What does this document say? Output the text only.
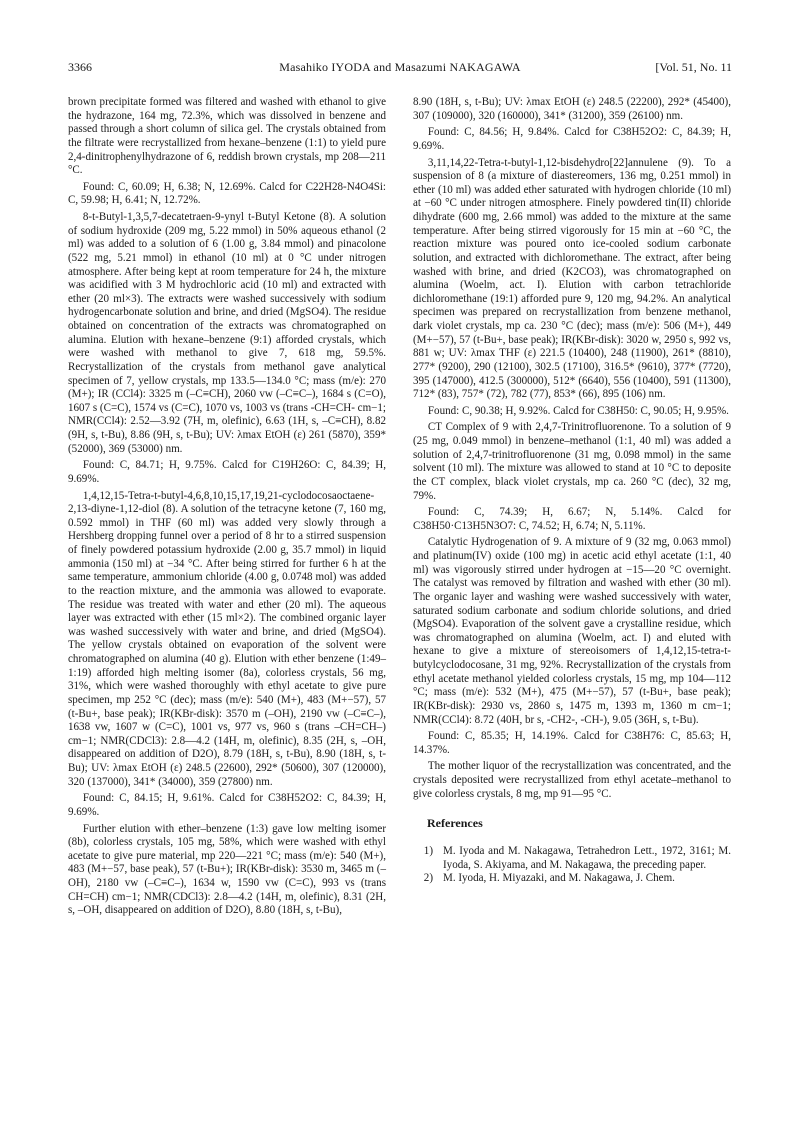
3366	Masahiko IYODA and Masazumi NAKAGAWA	[Vol. 51, No. 11

brown precipitate formed was filtered and washed with ethanol to give the hydrazone, 164 mg, 72.3%, which was dissolved in benzene and passed through a short column of silica gel. The crystals obtained from the filtrate were recrystallized from hexane–benzene (1:1) to yield pure 2,4-dinitrophenylhydrazone of 6, reddish brown crystals, mp 208—211 °C.

Found: C, 60.09; H, 6.38; N, 12.69%. Calcd for C22H28-N4O4Si: C, 59.98; H, 6.41; N, 12.72%.

8-t-Butyl-1,3,5,7-decatetraen-9-ynyl t-Butyl Ketone (8). A solution of sodium hydroxide (209 mg, 5.22 mmol) in 50% aqueous ethanol (2 ml) was added to a solution of 6 (1.00 g, 3.84 mmol) and pinacolone (522 mg, 5.21 mmol) in ethanol (10 ml) at 0 °C under nitrogen atmosphere. After being kept at room temperature for 24 h, the mixture was acidified with 3 M hydrochloric acid (10 ml) and extracted with ether (20 ml×3). The extracts were washed successively with sodium hydrogencarbonate solution and brine, and dried (MgSO4). The residue obtained on concentration of the extracts was chromatographed on alumina. Elution with hexane–benzene (9:1) afforded crystals, which were washed with methanol to give 7, 618 mg, 59.5%. Recrystallization of the crystals from methanol gave analytical specimen of 7, yellow crystals, mp 133.5—134.0 °C; mass (m/e): 270 (M+); IR (CCl4): 3325 m (–C≡CH), 2060 vw (–C≡C–), 1684 s (C=O), 1607 s (C=C), 1574 vs (C=C), 1070 vs, 1003 vs (trans -CH=CH- cm−1; NMR(CCl4): 2.52—3.92 (7H, m, olefinic), 6.63 (1H, s, –C≡CH), 8.82 (9H, s, t-Bu), 8.86 (9H, s, t-Bu); UV: λmax EtOH (ε) 261 (5870), 359* (52000), 369 (53000) nm.

Found: C, 84.71; H, 9.75%. Calcd for C19H26O: C, 84.39; H, 9.69%.

1,4,12,15-Tetra-t-butyl-4,6,8,10,15,17,19,21-cyclodocosaoctaene-2,13-diyne-1,12-diol (8). A solution of the tetracyne ketone (7, 160 mg, 0.592 mmol) in THF (60 ml) was added very slowly through a Hershberg dropping funnel over a period of 8 hr to a stirred suspension of finely powdered potassium hydroxide (2.00 g, 35.7 mmol) in liquid ammonia (150 ml) at −34 °C. After being stirred for further 6 h at the same temperature, ammonium chloride (4.00 g, 0.0748 mol) was added to the reaction mixture, and the ammonia was allowed to evaporate. The residue was treated with water and ether (20 ml). The aqueous layer was extracted with ether (15 ml×2). The combined organic layer was washed successively with water and brine, and dried (MgSO4). The yellow crystals obtained on evaporation of the solvent were chromatographed on alumina (40 g). Elution with ether benzene (1:49–1:19) afforded high melting isomer (8a), colorless crystals, 56 mg, 31%, which were washed thoroughly with ethyl acetate to give pure specimen, mp 252 °C (dec); mass (m/e): 540 (M+), 483 (M+−57), 57 (t-Bu+, base peak); IR(KBr-disk): 3570 m (–OH), 2190 vw (–C≡C–), 1638 vw, 1607 w (C=C), 1001 vs, 977 vs, 960 s (trans –CH=CH–) cm−1; NMR(CDCl3): 2.8—4.2 (14H, m, olefinic), 8.35 (2H, s, –OH, disappeared on addition of D2O), 8.79 (18H, s, t-Bu), 8.90 (18H, s, t-Bu); UV: λmax EtOH (ε) 248.5 (22600), 292* (50600), 307 (120000), 320 (137000), 341* (34000), 359 (27800) nm.

Found: C, 84.15; H, 9.61%. Calcd for C38H52O2: C, 84.39; H, 9.69%.

Further elution with ether–benzene (1:3) gave low melting isomer (8b), colorless crystals, 105 mg, 58%, which were washed with ethyl acetate to give pure material, mp 220—221 °C; mass (m/e): 540 (M+), 483 (M+−57, base peak), 57 (t-Bu+); IR(KBr-disk): 3530 m, 3465 m (–OH), 2180 vw (–C≡C–), 1634 w, 1590 vw (C=C), 993 vs (trans CH=CH) cm−1; NMR(CDCl3): 2.8—4.2 (14H, m, olefinic), 8.31 (2H, s, –OH, disappeared on addition of D2O), 8.80 (18H, s, t-Bu),

8.90 (18H, s, t-Bu); UV: λmax EtOH (ε) 248.5 (22200), 292* (45400), 307 (109000), 320 (160000), 341* (31200), 359 (26100) nm.

Found: C, 84.56; H, 9.84%. Calcd for C38H52O2: C, 84.39; H, 9.69%.

3,11,14,22-Tetra-t-butyl-1,12-bisdehydro[22]annulene (9). To a suspension of 8 (a mixture of diastereomers, 136 mg, 0.251 mmol) in ether (10 ml) was added ether saturated with hydrogen chloride (10 ml) at −60 °C under nitrogen atmosphere. Finely powdered tin(II) chloride dihydrate (600 mg, 2.66 mmol) was added to the mixture at the same temperature. After being stirred vigorously for 15 min at −60 °C, the reaction mixture was poured onto ice-cooled sodium carbonate solution, and extracted with dichloromethane. The extract, after being washed with brine, and dried (K2CO3), was chromatographed on alumina (Woelm, act. I). Elution with carbon tetrachloride dichloromethane (19:1) afforded pure 9, 120 mg, 94.2%. An analytical specimen was prepared on recrystallization from benzene methanol, dark violet crystals, mp ca. 230 °C (dec); mass (m/e): 506 (M+), 449 (M+−57), 57 (t-Bu+, base peak); IR(KBr-disk): 3020 w, 2950 s, 992 vs, 881 w; UV: λmax THF (ε) 221.5 (10400), 248 (11900), 261* (8810), 277* (9200), 290 (12100), 302.5 (17100), 316.5* (9610), 377* (7720), 395 (147000), 412.5 (300000), 512* (6640), 556 (10400), 591 (11300), 712* (83), 757* (72), 782 (77), 853* (66), 895 (106) nm.

Found: C, 90.38; H, 9.92%. Calcd for C38H50: C, 90.05; H, 9.95%.

CT Complex of 9 with 2,4,7-Trinitrofluorenone. To a solution of 9 (25 mg, 0.049 mmol) in benzene–methanol (1:1, 40 ml) was added a solution of 2,4,7-trinitrofluorenone (31 mg, 0.098 mmol) in the same solvent (10 ml). The mixture was allowed to stand at 10 °C to deposite the CT complex, black violet crystals, mp ca. 260 °C (dec), 32 mg, 79%.

Found: C, 74.39; H, 6.67; N, 5.14%. Calcd for C38H50·C13H5N3O7: C, 74.52; H, 6.74; N, 5.11%.

Catalytic Hydrogenation of 9. A mixture of 9 (32 mg, 0.063 mmol) and platinum(IV) oxide (100 mg) in acetic acid ethyl acetate (1:1, 40 ml) was vigorously stirred under hydrogen at −15—20 °C overnight. The catalyst was removed by filtration and washed with ether (30 ml). The organic layer and washing were washed successively with water, saturated sodium carbonate and sodium chloride solutions, and dried (MgSO4). Evaporation of the solvent gave a crystalline residue, which was chromatographed on alumina (Woelm, act. I) and eluted with hexane to give a mixture of stereoisomers of 1,4,12,15-tetra-t-butylcyclodocosane, 31 mg, 92%. Recrystallization of the crystals from ethyl acetate methanol yielded colorless crystals, 15 mg, mp 104—112 °C; mass (m/e): 532 (M+), 475 (M+−57), 57 (t-Bu+, base peak); IR(KBr-disk): 2930 vs, 2860 s, 1475 m, 1393 m, 1360 m cm−1; NMR(CCl4): 8.72 (40H, br s, -CH2-, -CH-), 9.05 (36H, s, t-Bu).

Found: C, 85.35; H, 14.19%. Calcd for C38H76: C, 85.63; H, 14.37%.

The mother liquor of the recrystallization was concentrated, and the crystals deposited were recrystallized from ethyl acetate–methanol to give colorless crystals, 8 mg, mp 91—95 °C.

References
1) M. Iyoda and M. Nakagawa, Tetrahedron Lett., 1972, 3161; M. Iyoda, S. Akiyama, and M. Nakagawa, the preceding paper.
2) M. Iyoda, H. Miyazaki, and M. Nakagawa, J. Chem.
